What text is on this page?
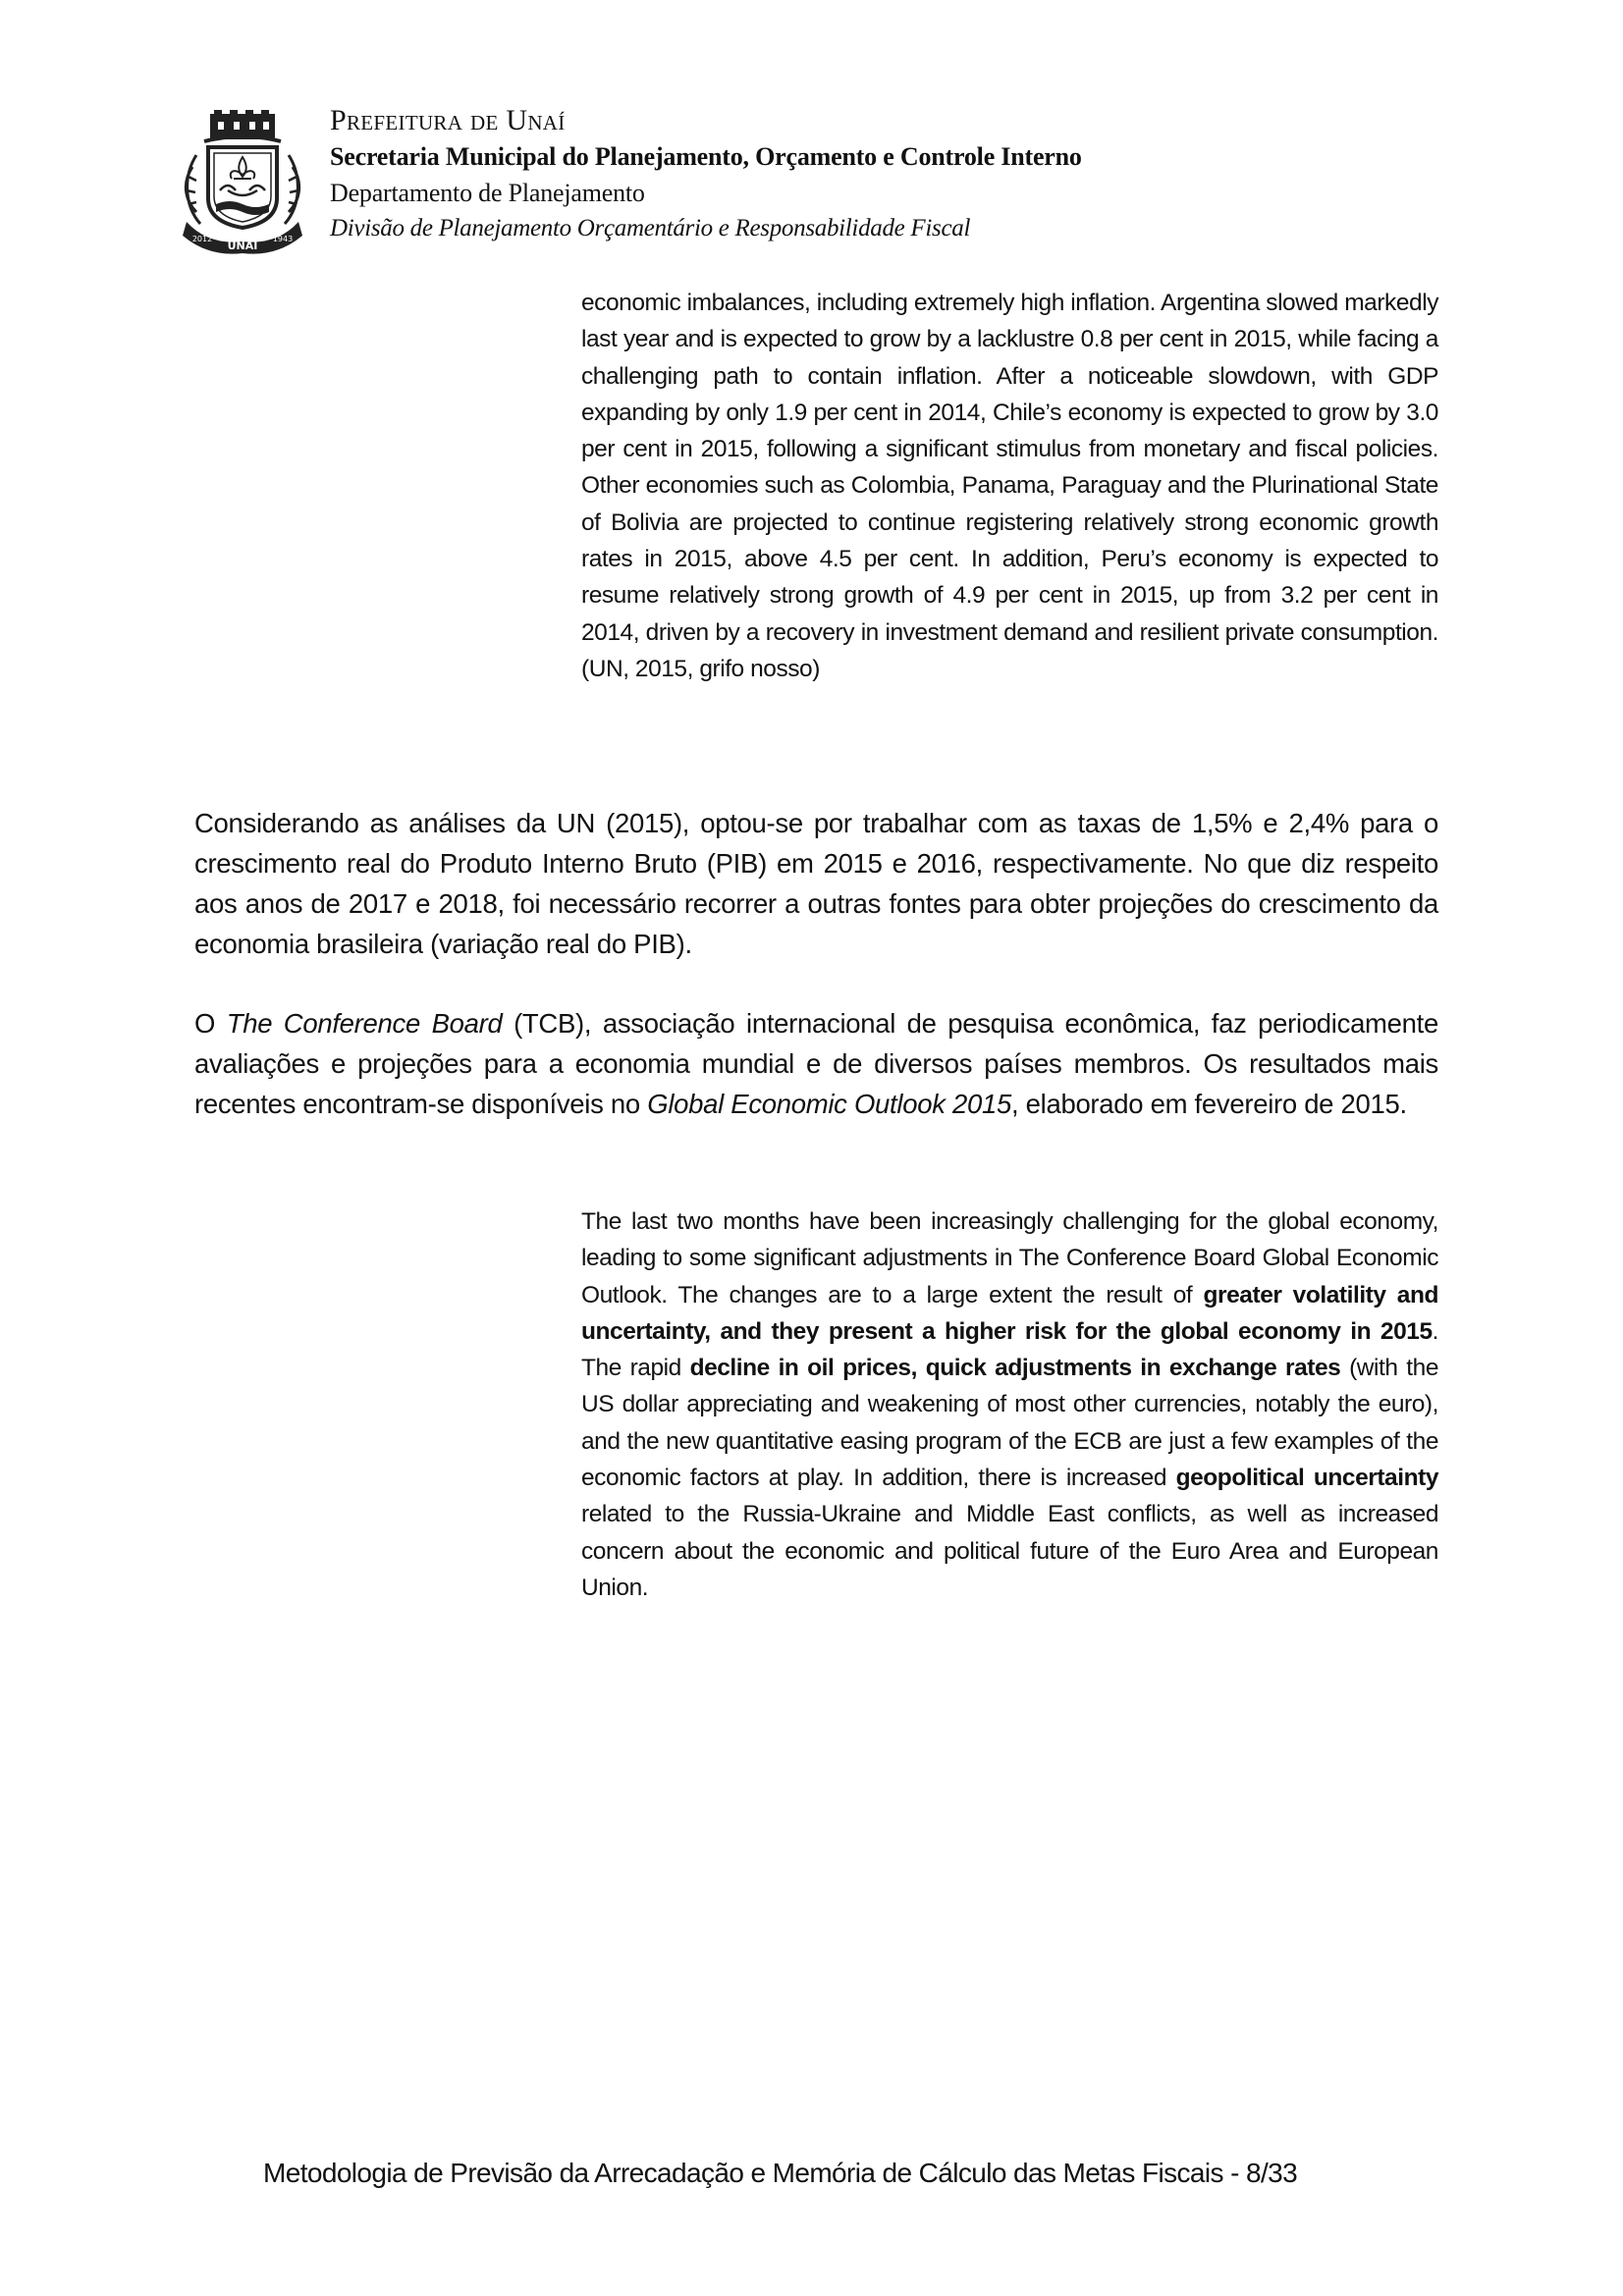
UNAÍ
2012	1943
Prefeitura de Unaí
Secretaria Municipal do Planejamento, Orçamento e Controle Interno
Departamento de Planejamento
Divisão de Planejamento Orçamentário e Responsabilidade Fiscal

economic imbalances, including extremely high inflation. Argentina slowed markedly last year and is expected to grow by a lacklustre 0.8 per cent in 2015, while facing a challenging path to contain inflation. After a noticeable slowdown, with GDP expanding by only 1.9 per cent in 2014, Chile’s economy is expected to grow by 3.0 per cent in 2015, following a significant stimulus from monetary and fiscal policies. Other economies such as Colombia, Panama, Paraguay and the Plurinational State of Bolivia are projected to continue registering relatively strong economic growth rates in 2015, above 4.5 per cent. In addition, Peru’s economy is expected to resume relatively strong growth of 4.9 per cent in 2015, up from 3.2 per cent in 2014, driven by a recovery in investment demand and resilient private consumption. (UN, 2015, grifo nosso)

Considerando as análises da UN (2015), optou-se por trabalhar com as taxas de 1,5% e 2,4% para o crescimento real do Produto Interno Bruto (PIB) em 2015 e 2016, respectivamente. No que diz respeito aos anos de 2017 e 2018, foi necessário recorrer a outras fontes para obter projeções do crescimento da economia brasileira (variação real do PIB).

O The Conference Board (TCB), associação internacional de pesquisa econômica, faz periodicamente avaliações e projeções para a economia mundial e de diversos países membros. Os resultados mais recentes encontram-se disponíveis no Global Economic Outlook 2015, elaborado em fevereiro de 2015.

The last two months have been increasingly challenging for the global economy, leading to some significant adjustments in The Conference Board Global Economic Outlook. The changes are to a large extent the result of greater volatility and uncertainty, and they present a higher risk for the global economy in 2015. The rapid decline in oil prices, quick adjustments in exchange rates (with the US dollar appreciating and weakening of most other currencies, notably the euro), and the new quantitative easing program of the ECB are just a few examples of the economic factors at play. In addition, there is increased geopolitical uncertainty related to the Russia-Ukraine and Middle East conflicts, as well as increased concern about the economic and political future of the Euro Area and European Union.

Metodologia de Previsão da Arrecadação e Memória de Cálculo das Metas Fiscais - 8/33
